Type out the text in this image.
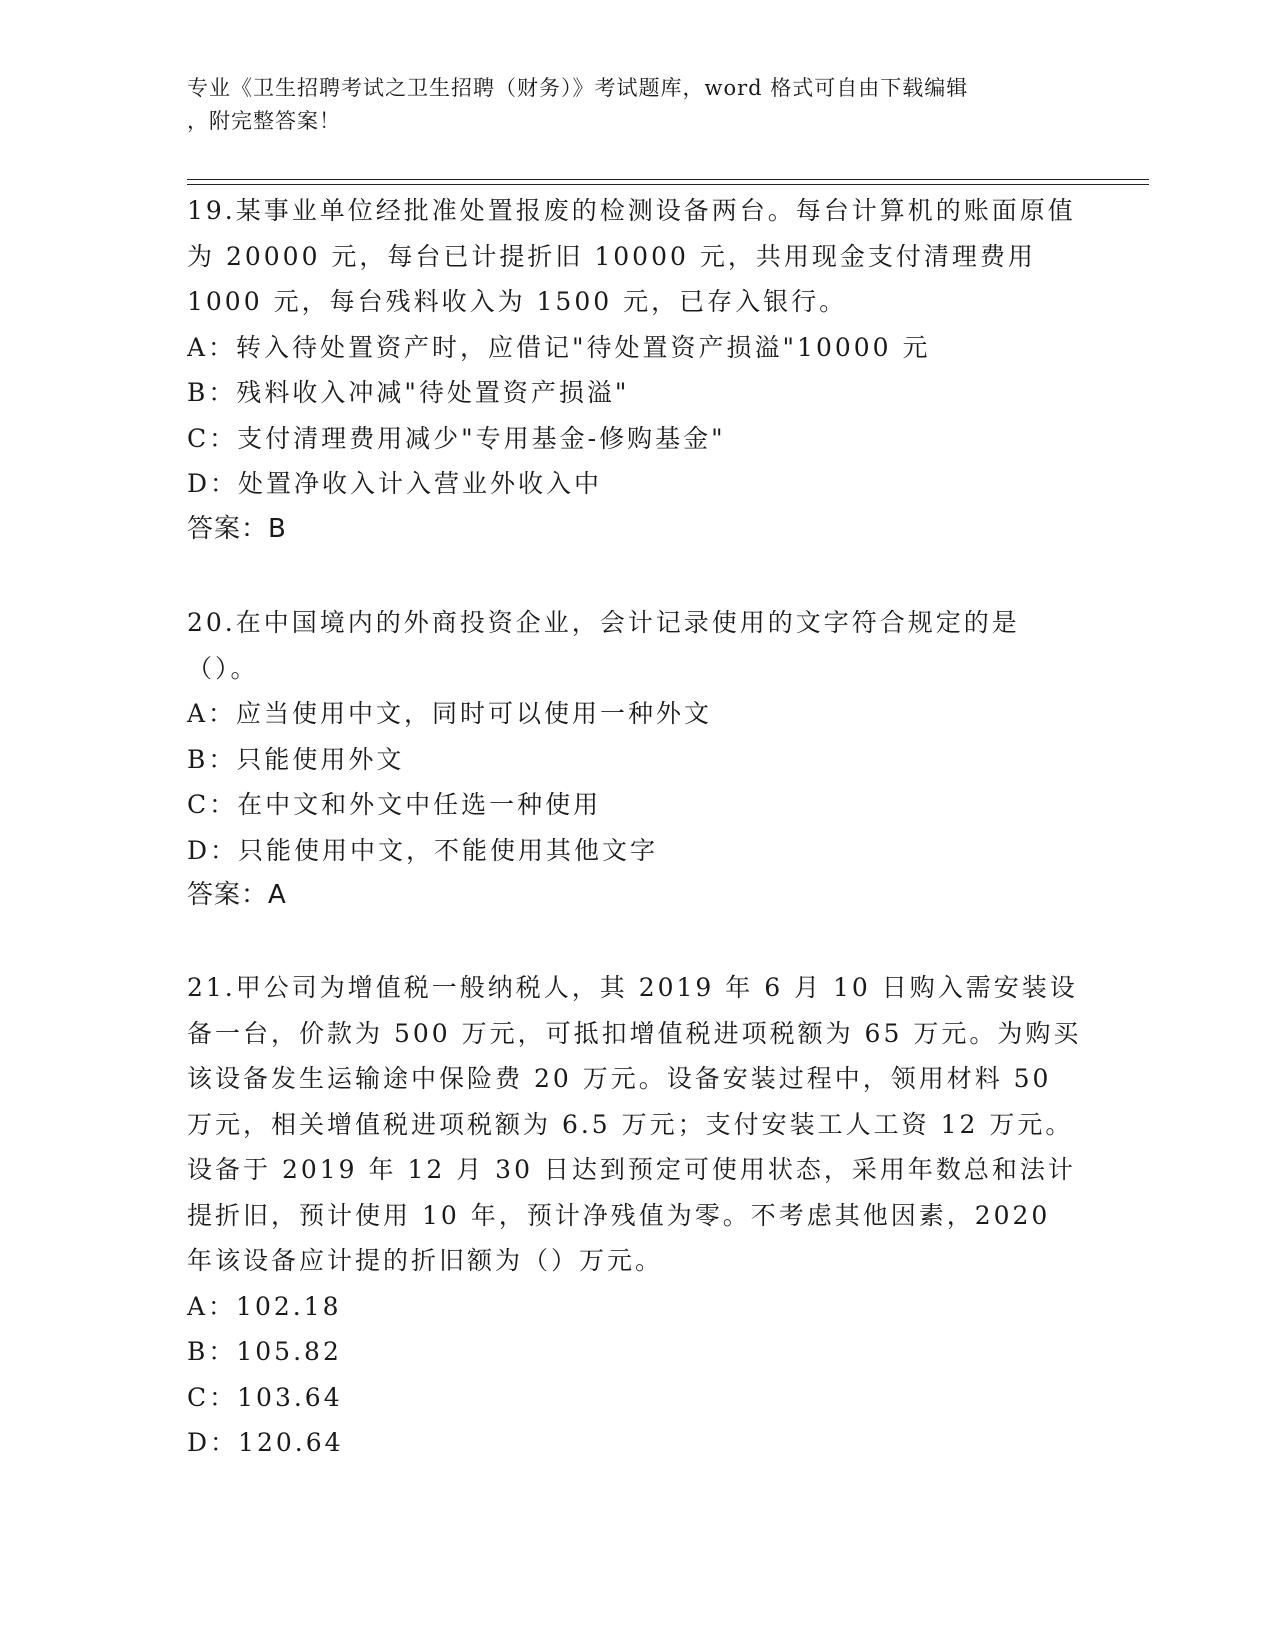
专业《卫生招聘考试之卫生招聘（财务）》考试题库，word 格式可自由下载编辑
，附完整答案！

19.某事业单位经批准处置报废的检测设备两台。每台计算机的账面原值为 20000 元，每台已计提折旧 10000 元，共用现金支付清理费用 1000 元，每台残料收入为 1500 元，已存入银行。

A：转入待处置资产时，应借记"待处置资产损溢"10000 元

B：残料收入冲减"待处置资产损溢"

C：支付清理费用减少"专用基金-修购基金"

D：处置净收入计入营业外收入中

答案：B

20.在中国境内的外商投资企业，会计记录使用的文字符合规定的是（）。

A：应当使用中文，同时可以使用一种外文

B：只能使用外文

C：在中文和外文中任选一种使用

D：只能使用中文，不能使用其他文字

答案：A

21.甲公司为增值税一般纳税人，其 2019 年 6 月 10 日购入需安装设备一台，价款为 500 万元，可抵扣增值税进项税额为 65 万元。为购买该设备发生运输途中保险费 20 万元。设备安装过程中，领用材料 50 万元，相关增值税进项税额为 6.5 万元；支付安装工人工资 12 万元。设备于 2019 年 12 月 30 日达到预定可使用状态，采用年数总和法计提折旧，预计使用 10 年，预计净残值为零。不考虑其他因素，2020 年该设备应计提的折旧额为（）万元。

A：102.18

B：105.82

C：103.64

D：120.64
